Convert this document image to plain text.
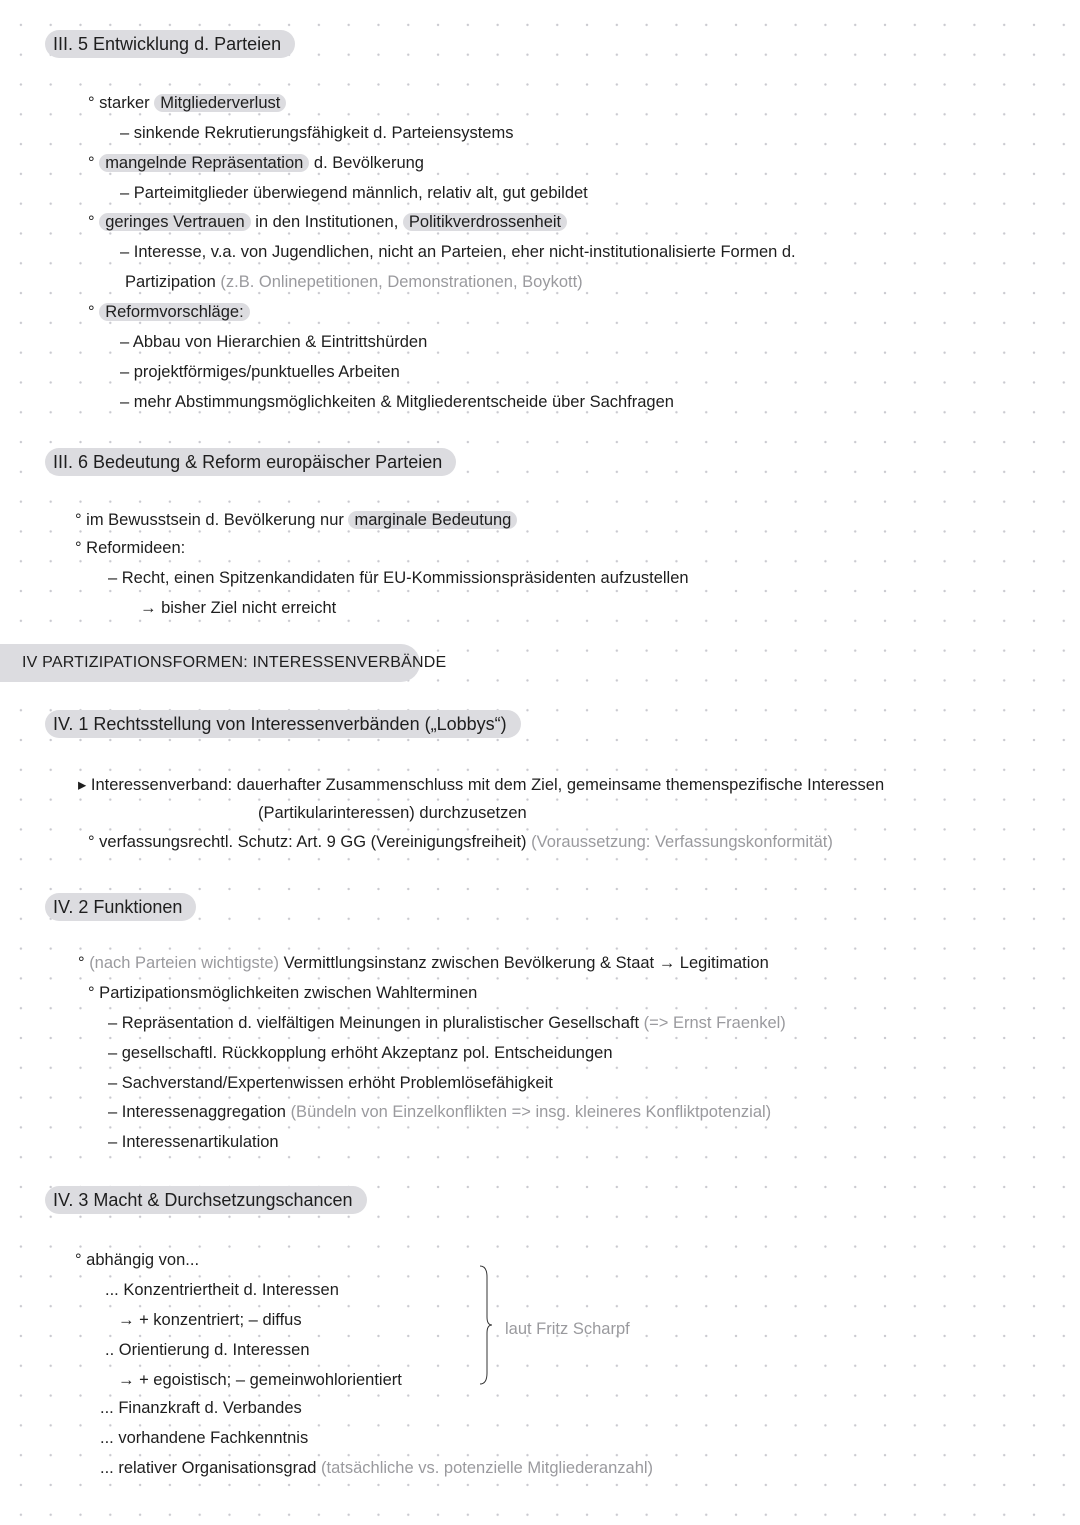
III. 5 Entwicklung d. Parteien
° starker Mitgliederverlust
– sinkende Rekrutierungsfähigkeit d. Parteiensystems
° mangelnde Repräsentation d. Bevölkerung
– Parteimitglieder überwiegend männlich, relativ alt, gut gebildet
° geringes Vertrauen in den Institutionen, Politikverdrossenheit
– Interesse, v.a. von Jugendlichen, nicht an Parteien, eher nicht-institutionalisierte Formen d.
Partizipation (z.B. Onlinepetitionen, Demonstrationen, Boykott)
° Reformvorschläge:
– Abbau von Hierarchien & Eintrittshürden
– projektförmiges/punktuelles Arbeiten
– mehr Abstimmungsmöglichkeiten & Mitgliederentscheide über Sachfragen
III. 6 Bedeutung & Reform europäischer Parteien
° im Bewusstsein d. Bevölkerung nur marginale Bedeutung
° Reformideen:
– Recht, einen Spitzenkandidaten für EU-Kommissionspräsidenten aufzustellen
→ bisher Ziel nicht erreicht
IV. 1 Rechtsstellung von Interessenverbänden („Lobbys“)
▸ Interessenverband: dauerhafter Zusammenschluss mit dem Ziel, gemeinsame themenspezifische Interessen
(Partikularinteressen) durchzusetzen
° verfassungsrechtl. Schutz: Art. 9 GG (Vereinigungsfreiheit) (Voraussetzung: Verfassungskonformität)
IV. 2 Funktionen
° (nach Parteien wichtigste) Vermittlungsinstanz zwischen Bevölkerung & Staat → Legitimation
° Partizipationsmöglichkeiten zwischen Wahlterminen
– Repräsentation d. vielfältigen Meinungen in pluralistischer Gesellschaft (=> Ernst Fraenkel)
– gesellschaftl. Rückkopplung erhöht Akzeptanz pol. Entscheidungen
– Sachverstand/Expertenwissen erhöht Problemlösefähigkeit
– Interessenaggregation (Bündeln von Einzelkonflikten => insg. kleineres Konfliktpotenzial)
– Interessenartikulation
IV. 3 Macht & Durchsetzungschancen
° abhängig von...
... Konzentriertheit d. Interessen
→ + konzentriert; – diffus
.. Orientierung d. Interessen
→ + egoistisch; – gemeinwohlorientiert
... Finanzkraft d. Verbandes
... vorhandene Fachkenntnis
... relativer Organisationsgrad (tatsächliche vs. potenzielle Mitgliederanzahl)
IV PARTIZIPATIONSFORMEN: INTERESSENVERBÄNDE
laut Fritz Scharpf
